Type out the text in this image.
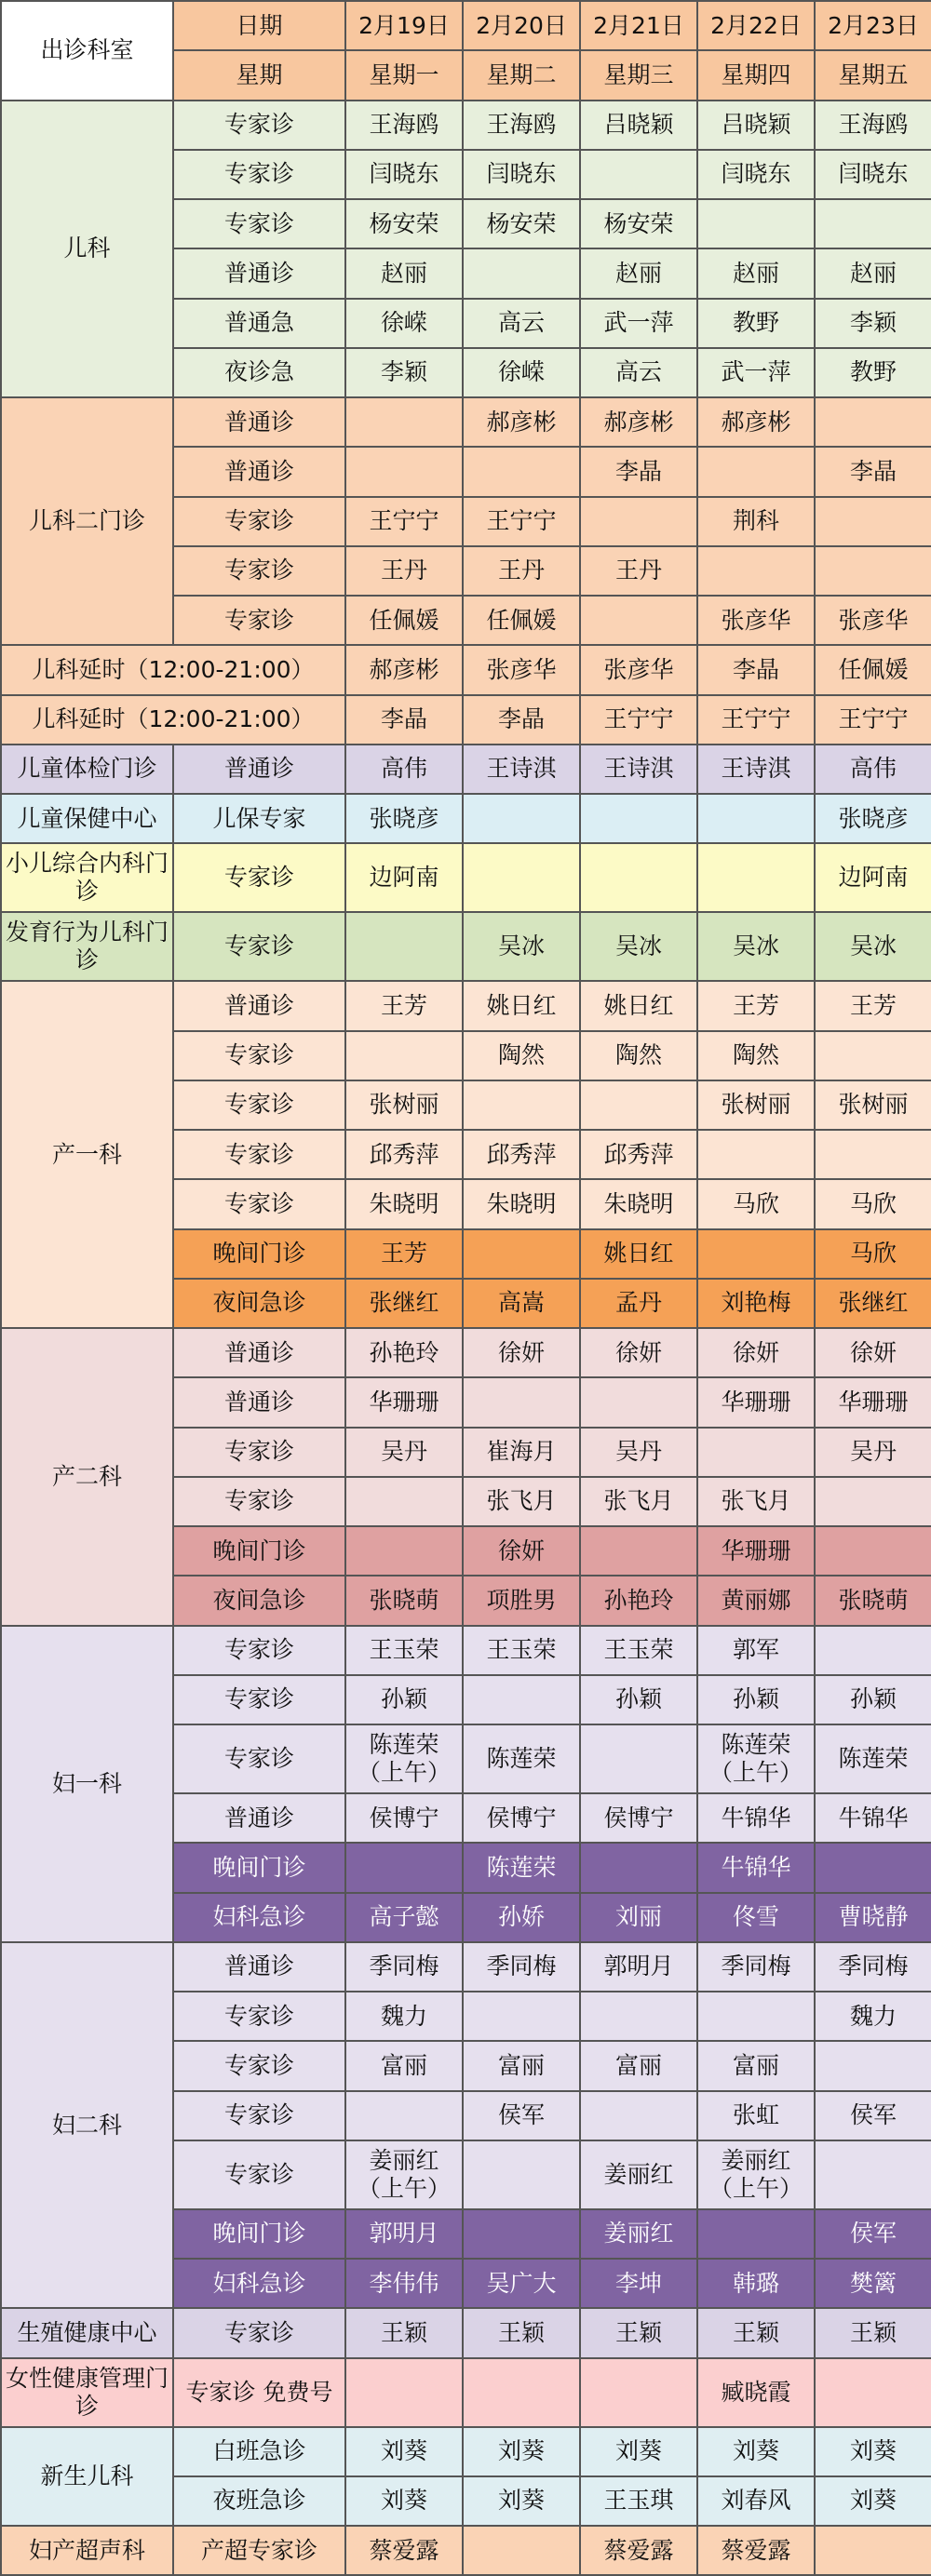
出诊科室	日期	2月19日	2月20日	2月21日	2月22日	2月23日
	星期	星期一	星期二	星期三	星期四	星期五
儿科	专家诊	王海鸥	王海鸥	吕晓颖	吕晓颖	王海鸥
	专家诊	闫晓东	闫晓东		闫晓东	闫晓东
	专家诊	杨安荣	杨安荣	杨安荣		
	普通诊	赵丽		赵丽	赵丽	赵丽
	普通急	徐嵘	高云	武一萍	教野	李颖
	夜诊急	李颖	徐嵘	高云	武一萍	教野
儿科二门诊	普通诊		郝彦彬	郝彦彬	郝彦彬	
	普通诊			李晶		李晶
	专家诊	王宁宁	王宁宁		荆科	
	专家诊	王丹	王丹	王丹		
	专家诊	任佩媛	任佩媛		张彦华	张彦华
儿科延时（12:00-21:00）		郝彦彬	张彦华	张彦华	李晶	任佩媛
儿科延时（12:00-21:00）		李晶	李晶	王宁宁	王宁宁	王宁宁
儿童体检门诊	普通诊	高伟	王诗淇	王诗淇	王诗淇	高伟
儿童保健中心	儿保专家	张晓彦				张晓彦
小儿综合内科门诊	专家诊	边阿南				边阿南
发育行为儿科门诊	专家诊		吴冰	吴冰	吴冰	吴冰
产一科	普通诊	王芳	姚日红	姚日红	王芳	王芳
	专家诊		陶然	陶然	陶然	
	专家诊	张树丽			张树丽	张树丽
	专家诊	邱秀萍	邱秀萍	邱秀萍		
	专家诊	朱晓明	朱晓明	朱晓明	马欣	马欣
	晚间门诊	王芳		姚日红		马欣
	夜间急诊	张继红	高嵩	孟丹	刘艳梅	张继红
产二科	普通诊	孙艳玲	徐妍	徐妍	徐妍	徐妍
	普通诊	华珊珊			华珊珊	华珊珊
	专家诊	吴丹	崔海月	吴丹		吴丹
	专家诊		张飞月	张飞月	张飞月	
	晚间门诊		徐妍		华珊珊	
	夜间急诊	张晓萌	项胜男	孙艳玲	黄丽娜	张晓萌
妇一科	专家诊	王玉荣	王玉荣	王玉荣	郭军	
	专家诊	孙颖		孙颖	孙颖	孙颖
	专家诊	陈莲荣（上午）	陈莲荣		陈莲荣（上午）	陈莲荣
	普通诊	侯博宁	侯博宁	侯博宁	牛锦华	牛锦华
	晚间门诊		陈莲荣		牛锦华	
	妇科急诊	高子懿	孙娇	刘丽	佟雪	曹晓静
妇二科	普通诊	季同梅	季同梅	郭明月	季同梅	季同梅
	专家诊	魏力				魏力
	专家诊	富丽	富丽	富丽	富丽	
	专家诊		侯军		张虹	侯军
	专家诊	姜丽红（上午）		姜丽红	姜丽红（上午）	
	晚间门诊	郭明月		姜丽红		侯军
	妇科急诊	李伟伟	吴广大	李坤	韩璐	樊篱
生殖健康中心	专家诊	王颖	王颖	王颖	王颖	王颖
女性健康管理门诊	专家诊 免费号				臧晓霞	
新生儿科	白班急诊	刘葵	刘葵	刘葵	刘葵	刘葵
	夜班急诊	刘葵	刘葵	王玉琪	刘春风	刘葵
妇产超声科	产超专家诊	蔡爱露		蔡爱露	蔡爱露	
